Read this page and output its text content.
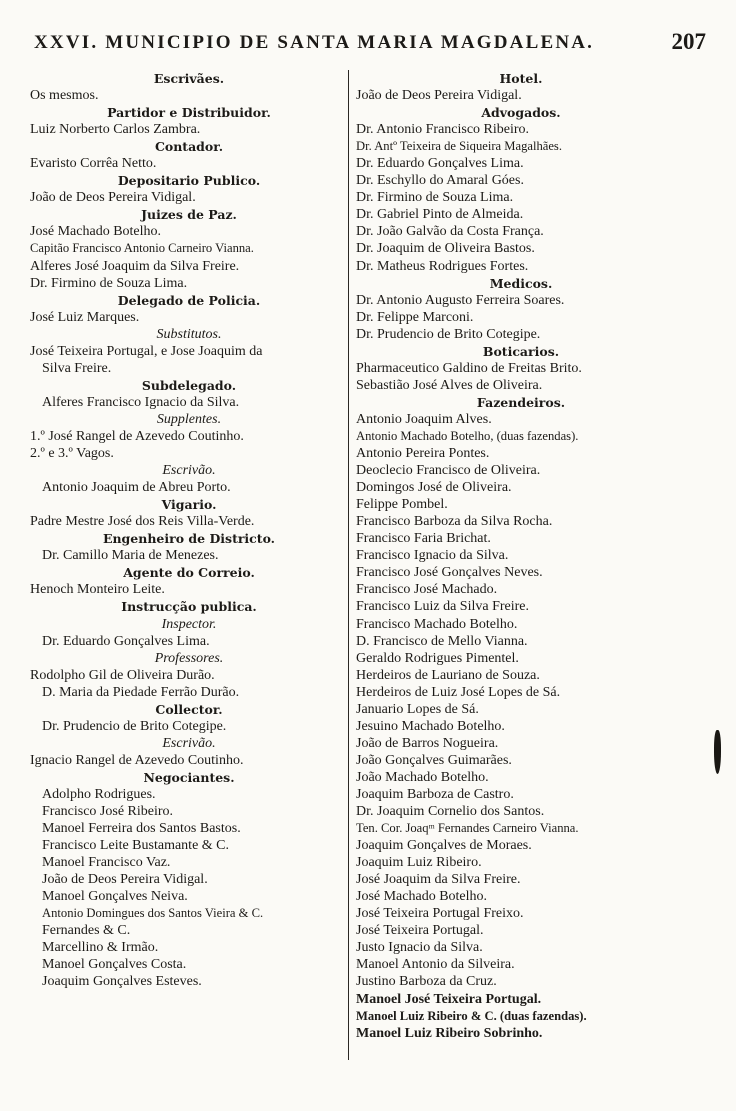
XXVI. MUNICIPIO DE SANTA MARIA MAGDALENA.	207
Escrivães.
Os mesmos.
Partidor e Distribuidor.
Luiz Norberto Carlos Zambra.
Contador.
Evaristo Corrêa Netto.
Depositario Publico.
João de Deos Pereira Vidigal.
Juizes de Paz.
José Machado Botelho.
Capitão Francisco Antonio Carneiro Vianna.
Alferes José Joaquim da Silva Freire.
Dr. Firmino de Souza Lima.
Delegado de Policia.
José Luiz Marques.
Substitutos.
José Teixeira Portugal, e Jose Joaquim da
Silva Freire.
Subdelegado.
Alferes Francisco Ignacio da Silva.
Supplentes.
1.º José Rangel de Azevedo Coutinho.
2.º e 3.º Vagos.
Escrivão.
Antonio Joaquim de Abreu Porto.
Vigario.
Padre Mestre José dos Reis Villa-Verde.
Engenheiro de Districto.
Dr. Camillo Maria de Menezes.
Agente do Correio.
Henoch Monteiro Leite.
Instrucção publica.
Inspector.
Dr. Eduardo Gonçalves Lima.
Professores.
Rodolpho Gil de Oliveira Durão.
D. Maria da Piedade Ferrão Durão.
Collector.
Dr. Prudencio de Brito Cotegipe.
Escrivão.
Ignacio Rangel de Azevedo Coutinho.
Negociantes.
Adolpho Rodrigues.
Francisco José Ribeiro.
Manoel Ferreira dos Santos Bastos.
Francisco Leite Bustamante & C.
Manoel Francisco Vaz.
João de Deos Pereira Vidigal.
Manoel Gonçalves Neiva.
Antonio Domingues dos Santos Vieira & C.
Fernandes & C.
Marcellino & Irmão.
Manoel Gonçalves Costa.
Joaquim Gonçalves Esteves.
Hotel.
João de Deos Pereira Vidigal.
Advogados.
Dr. Antonio Francisco Ribeiro.
Dr. Antº Teixeira de Siqueira Magalhães.
Dr. Eduardo Gonçalves Lima.
Dr. Eschyllo do Amaral Góes.
Dr. Firmino de Souza Lima.
Dr. Gabriel Pinto de Almeida.
Dr. João Galvão da Costa França.
Dr. Joaquim de Oliveira Bastos.
Dr. Matheus Rodrigues Fortes.
Medicos.
Dr. Antonio Augusto Ferreira Soares.
Dr. Felippe Marconi.
Dr. Prudencio de Brito Cotegipe.
Boticarios.
Pharmaceutico Galdino de Freitas Brito.
Sebastião José Alves de Oliveira.
Fazendeiros.
Antonio Joaquim Alves.
Antonio Machado Botelho, (duas fazendas).
Antonio Pereira Pontes.
Deoclecio Francisco de Oliveira.
Domingos José de Oliveira.
Felippe Pombel.
Francisco Barboza da Silva Rocha.
Francisco Faria Brichat.
Francisco Ignacio da Silva.
Francisco José Gonçalves Neves.
Francisco José Machado.
Francisco Luiz da Silva Freire.
Francisco Machado Botelho.
D. Francisco de Mello Vianna.
Geraldo Rodrigues Pimentel.
Herdeiros de Lauriano de Souza.
Herdeiros de Luiz José Lopes de Sá.
Januario Lopes de Sá.
Jesuino Machado Botelho.
João de Barros Nogueira.
João Gonçalves Guimarães.
João Machado Botelho.
Joaquim Barboza de Castro.
Dr. Joaquim Cornelio dos Santos.
Ten. Cor. Joaqᵐ Fernandes Carneiro Vianna.
Joaquim Gonçalves de Moraes.
Joaquim Luiz Ribeiro.
José Joaquim da Silva Freire.
José Machado Botelho.
José Teixeira Portugal Freixo.
José Teixeira Portugal.
Justo Ignacio da Silva.
Manoel Antonio da Silveira.
Justino Barboza da Cruz.
Manoel José Teixeira Portugal.
Manoel Luiz Ribeiro & C. (duas fazendas).
Manoel Luiz Ribeiro Sobrinho.
